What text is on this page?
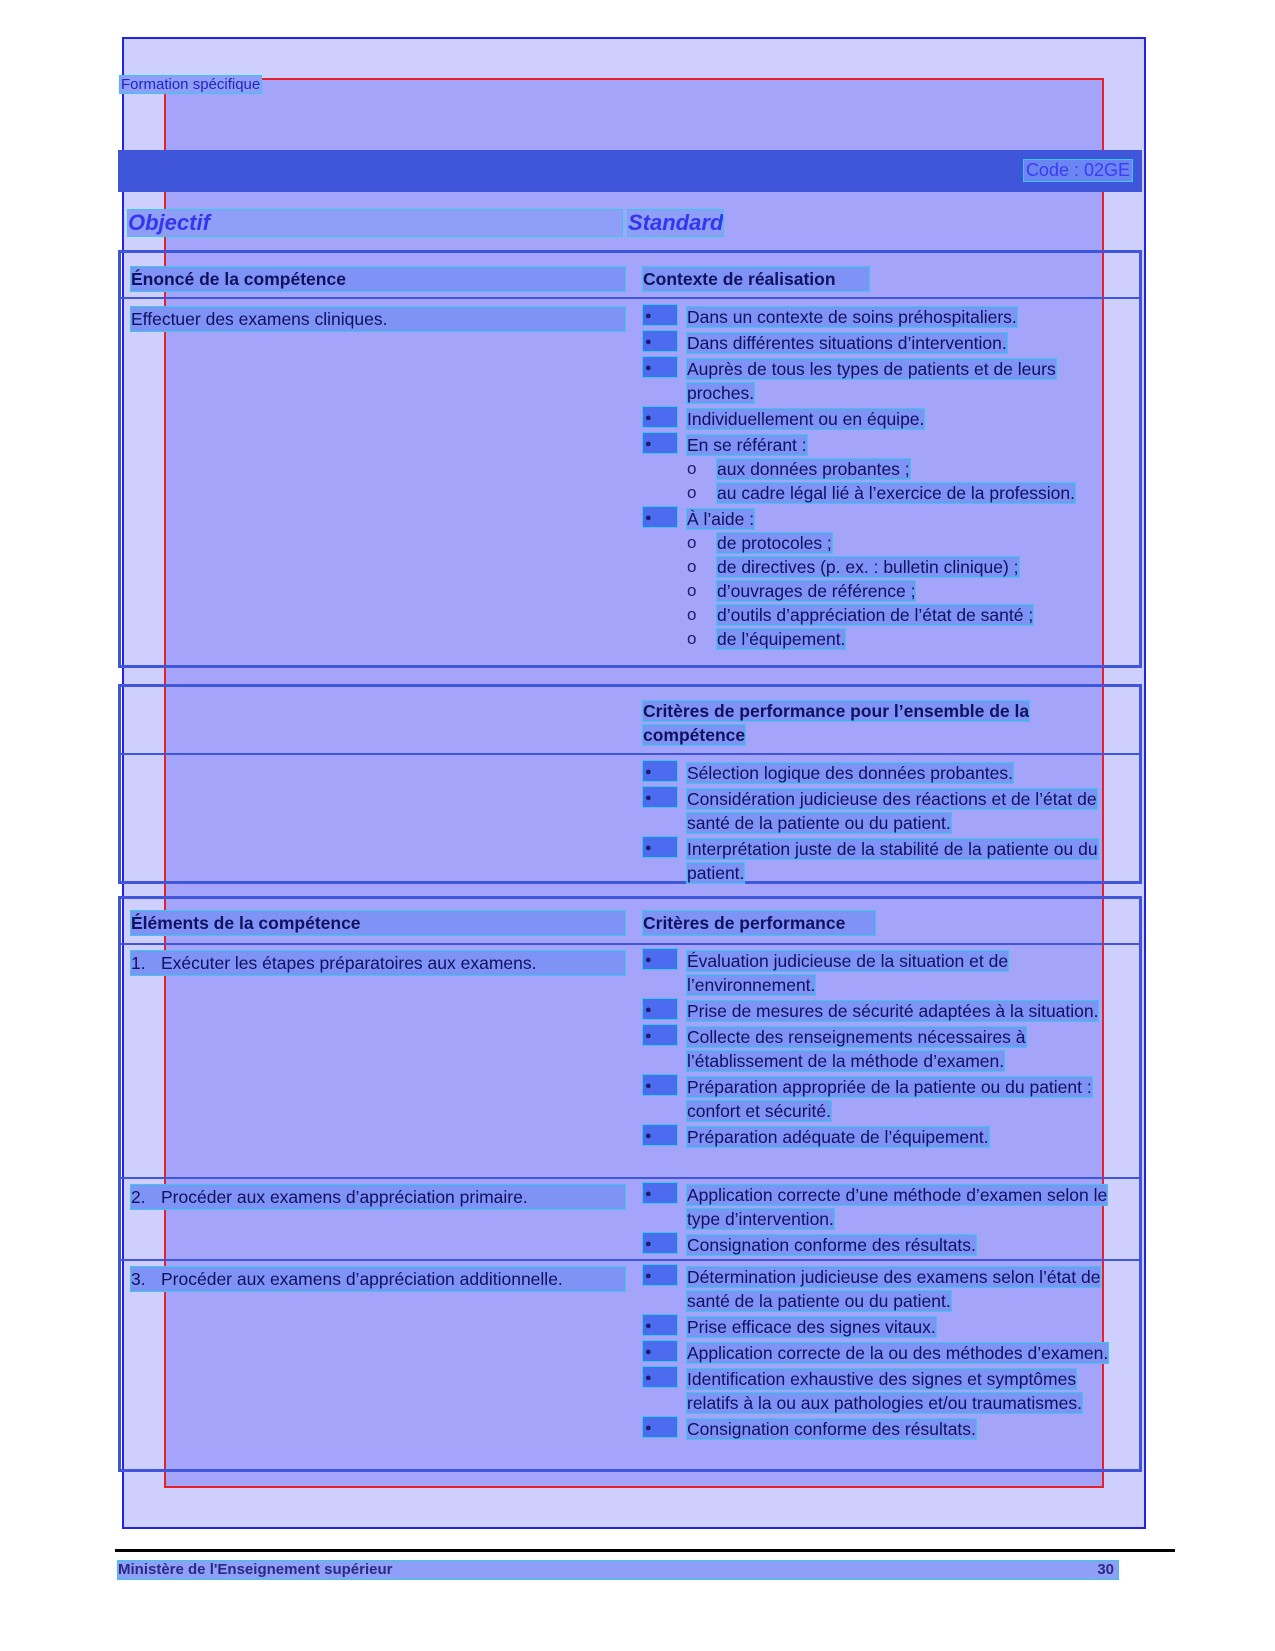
Formation spécifique
Code : 02GE
Objectif	Standard
Énoncé de la compétence	Contexte de réalisation
Effectuer des examens cliniques.	● Dans un contexte de soins préhospitaliers.
● Dans différentes situations d’intervention.
● Auprès de tous les types de patients et de leurs proches.
● Individuellement ou en équipe.
● En se référant :
o aux données probantes ;
o au cadre légal lié à l’exercice de la profession.
● À l’aide :
o de protocoles ;
o de directives (p. ex. : bulletin clinique) ;
o d’ouvrages de référence ;
o d’outils d’appréciation de l’état de santé ;
o de l’équipement.
Critères de performance pour l’ensemble de la compétence
● Sélection logique des données probantes.
● Considération judicieuse des réactions et de l’état de santé de la patiente ou du patient.
● Interprétation juste de la stabilité de la patiente ou du patient.
Éléments de la compétence	Critères de performance
1. Exécuter les étapes préparatoires aux examens.	● Évaluation judicieuse de la situation et de l’environnement.
● Prise de mesures de sécurité adaptées à la situation.
● Collecte des renseignements nécessaires à l’établissement de la méthode d’examen.
● Préparation appropriée de la patiente ou du patient : confort et sécurité.
● Préparation adéquate de l’équipement.
2. Procéder aux examens d’appréciation primaire.	● Application correcte d’une méthode d’examen selon le type d’intervention.
● Consignation conforme des résultats.
3. Procéder aux examens d’appréciation additionnelle.	● Détermination judicieuse des examens selon l’état de santé de la patiente ou du patient.
● Prise efficace des signes vitaux.
● Application correcte de la ou des méthodes d’examen.
● Identification exhaustive des signes et symptômes relatifs à la ou aux pathologies et/ou traumatismes.
● Consignation conforme des résultats.
Ministère de l'Enseignement supérieur	30
